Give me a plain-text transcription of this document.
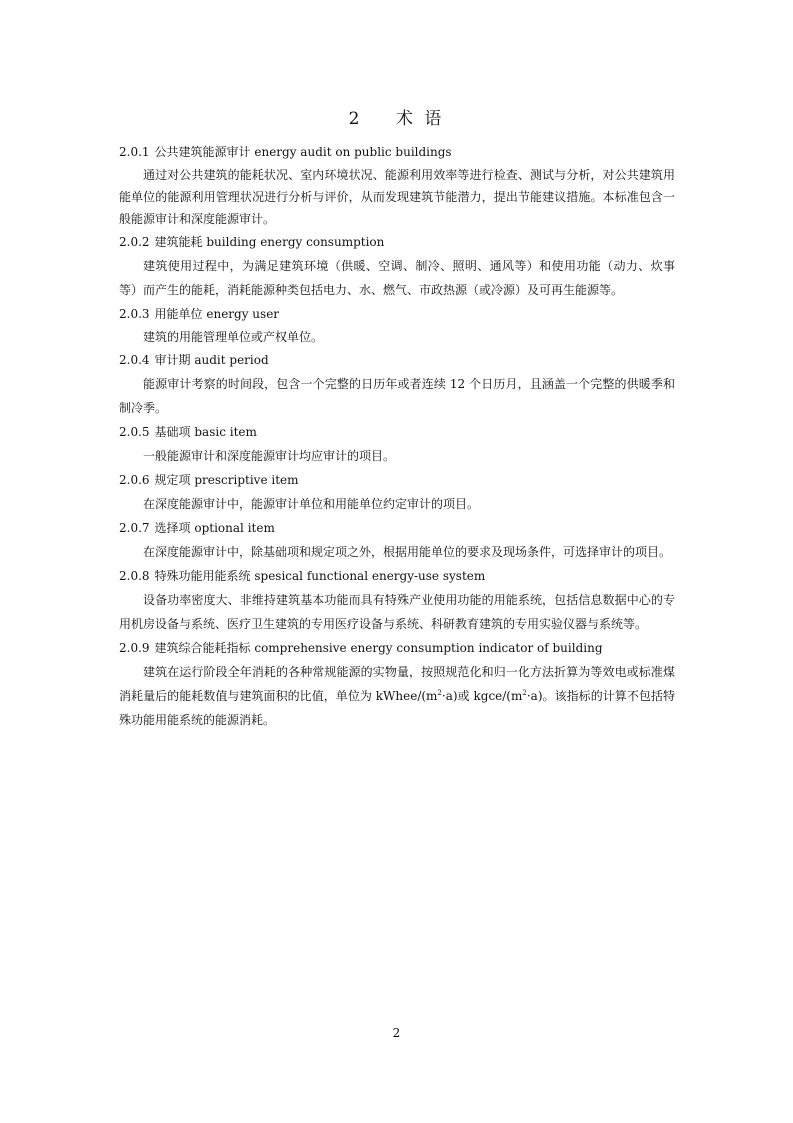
2 术 语

2.0.1 公共建筑能源审计 energy audit on public buildings

通过对公共建筑的能耗状况、室内环境状况、能源利用效率等进行检查、测试与分析，对公共建筑用能单位的能源利用管理状况进行分析与评价，从而发现建筑节能潜力，提出节能建议措施。本标准包含一般能源审计和深度能源审计。

2.0.2 建筑能耗 building energy consumption

建筑使用过程中，为满足建筑环境（供暖、空调、制冷、照明、通风等）和使用功能（动力、炊事等）而产生的能耗，消耗能源种类包括电力、水、燃气、市政热源（或冷源）及可再生能源等。

2.0.3 用能单位 energy user

建筑的用能管理单位或产权单位。

2.0.4 审计期 audit period

能源审计考察的时间段，包含一个完整的日历年或者连续 12 个日历月，且涵盖一个完整的供暖季和制冷季。

2.0.5 基础项 basic item

一般能源审计和深度能源审计均应审计的项目。

2.0.6 规定项 prescriptive item

在深度能源审计中，能源审计单位和用能单位约定审计的项目。

2.0.7 选择项 optional item

在深度能源审计中，除基础项和规定项之外，根据用能单位的要求及现场条件，可选择审计的项目。

2.0.8 特殊功能用能系统 spesical functional energy-use system

设备功率密度大、非维持建筑基本功能而具有特殊产业使用功能的用能系统，包括信息数据中心的专用机房设备与系统、医疗卫生建筑的专用医疗设备与系统、科研教育建筑的专用实验仪器与系统等。

2.0.9 建筑综合能耗指标 comprehensive energy consumption indicator of building

建筑在运行阶段全年消耗的各种常规能源的实物量，按照规范化和归一化方法折算为等效电或标准煤消耗量后的能耗数值与建筑面积的比值，单位为 kWhee/$(m^2\cdot a)$或 kgce/$(m^2\cdot a)$。该指标的计算不包括特殊功能用能系统的能源消耗。

2
